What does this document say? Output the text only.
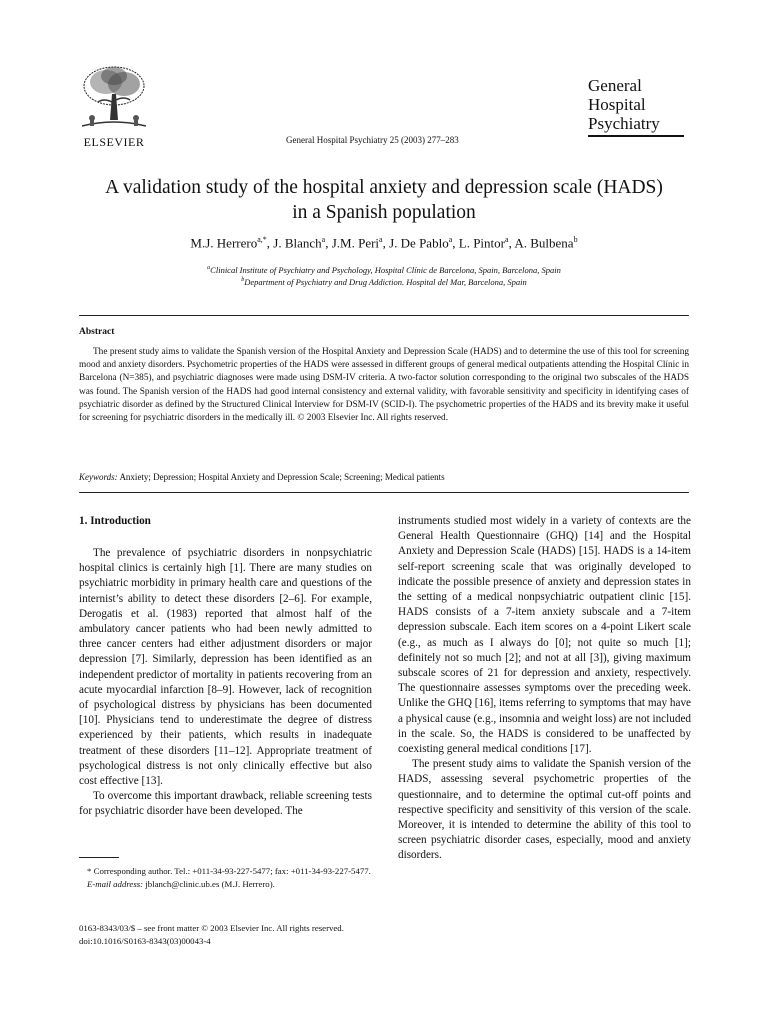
ELSEVIER	General Hospital Psychiatry 25 (2003) 277–283
General
Hospital
Psychiatry
A validation study of the hospital anxiety and depression scale (HADS)
in a Spanish population
M.J. Herrero$^{a,*}$, J. Blanch$^a$, J.M. Peri$^a$, J. De Pablo$^a$, L. Pintor$^a$, A. Bulbena$^b$
$^a$Clinical Institute of Psychiatry and Psychology, Hospital Clínic de Barcelona, Spain, Barcelona, Spain
$^b$Department of Psychiatry and Drug Addiction. Hospital del Mar, Barcelona, Spain
Abstract
The present study aims to validate the Spanish version of the Hospital Anxiety and Depression Scale (HADS) and to determine the use of this tool for screening mood and anxiety disorders. Psychometric properties of the HADS were assessed in different groups of general medical outpatients attending the Hospital Clínic in Barcelona (N=385), and psychiatric diagnoses were made using DSM-IV criteria. A two-factor solution corresponding to the original two subscales of the HADS was found. The Spanish version of the HADS had good internal consistency and external validity, with favorable sensitivity and specificity in identifying cases of psychiatric disorder as defined by the Structured Clinical Interview for DSM-IV (SCID-I). The psychometric properties of the HADS and its brevity make it useful for screening for psychiatric disorders in the medically ill. © 2003 Elsevier Inc. All rights reserved.
Keywords: Anxiety; Depression; Hospital Anxiety and Depression Scale; Screening; Medical patients
1. Introduction

The prevalence of psychiatric disorders in nonpsychiatric hospital clinics is certainly high [1]. There are many studies on psychiatric morbidity in primary health care and questions of the internist’s ability to detect these disorders [2–6]. For example, Derogatis et al. (1983) reported that almost half of the ambulatory cancer patients who had been newly admitted to three cancer centers had either adjustment disorders or major depression [7]. Similarly, depression has been identified as an independent predictor of mortality in patients recovering from an acute myocardial infarction [8–9]. However, lack of recognition of psychological distress by physicians has been documented [10]. Physicians tend to underestimate the degree of distress experienced by their patients, which results in inadequate treatment of these disorders [11–12]. Appropriate treatment of psychological distress is not only clinically effective but also cost effective [13].

To overcome this important drawback, reliable screening tests for psychiatric disorder have been developed. The

instruments studied most widely in a variety of contexts are the General Health Questionnaire (GHQ) [14] and the Hospital Anxiety and Depression Scale (HADS) [15]. HADS is a 14-item self-report screening scale that was originally developed to indicate the possible presence of anxiety and depression states in the setting of a medical nonpsychiatric outpatient clinic [15]. HADS consists of a 7-item anxiety subscale and a 7-item depression subscale. Each item scores on a 4-point Likert scale (e.g., as much as I always do [0]; not quite so much [1]; definitely not so much [2]; and not at all [3]), giving maximum subscale scores of 21 for depression and anxiety, respectively. The questionnaire assesses symptoms over the preceding week. Unlike the GHQ [16], items referring to symptoms that may have a physical cause (e.g., insomnia and weight loss) are not included in the scale. So, the HADS is considered to be unaffected by coexisting general medical conditions [17].

The present study aims to validate the Spanish version of the HADS, assessing several psychometric properties of the questionnaire, and to determine the optimal cut-off points and respective specificity and sensitivity of this version of the scale. Moreover, it is intended to determine the ability of this tool to screen psychiatric disorder cases, especially, mood and anxiety disorders.

* Corresponding author. Tel.: +011-34-93-227-5477; fax: +011-34-93-227-5477.
E-mail address: jblanch@clinic.ub.es (M.J. Herrero).
0163-8343/03/$ – see front matter © 2003 Elsevier Inc. All rights reserved.
doi:10.1016/S0163-8343(03)00043-4
